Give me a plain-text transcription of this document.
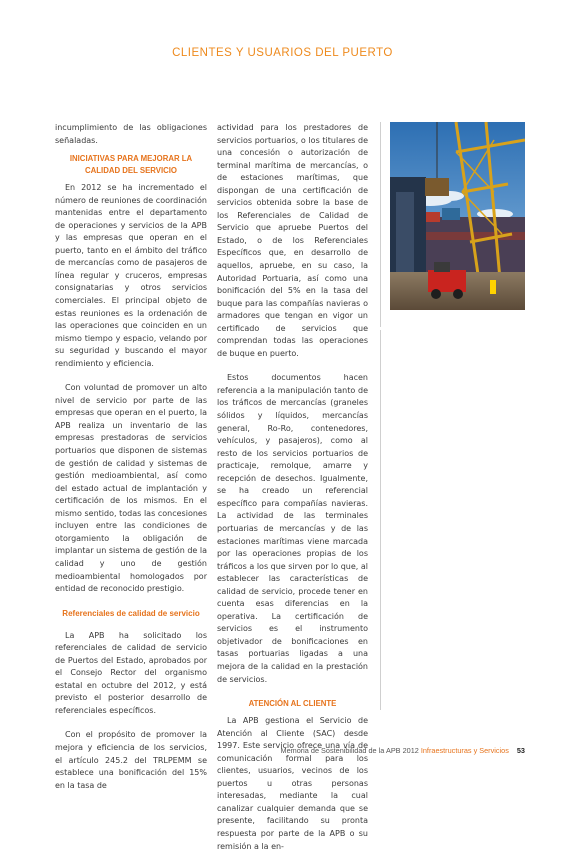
CLIENTES Y USUARIOS DEL PUERTO

incumplimiento de las obligaciones señaladas.

INICIATIVAS PARA MEJORAR LA CALIDAD DEL SERVICIO

En 2012 se ha incrementado el número de reuniones de coordinación mantenidas entre el departamento de operaciones y servicios de la APB y las empresas que operan en el puerto, tanto en el ámbito del tráfico de mercancías como de pasajeros de línea regular y cruceros, empresas consignatarias y otros servicios comerciales. El principal objeto de estas reuniones es la ordenación de las operaciones que coinciden en un mismo tiempo y espacio, velando por su seguridad y buscando el mayor rendimiento y eficiencia.

Con voluntad de promover un alto nivel de servicio por parte de las empresas que operan en el puerto, la APB realiza un inventario de las empresas prestadoras de servicios portuarios que disponen de sistemas de gestión de calidad y sistemas de gestión medioambiental, así como del estado actual de implantación y certificación de los mismos. En el mismo sentido, todas las concesiones incluyen entre las condiciones de otorgamiento la obligación de implantar un sistema de gestión de la calidad y uno de gestión medioambiental homologados por entidad de reconocido prestigio.

Referenciales de calidad de servicio

La APB ha solicitado los referenciales de calidad de servicio de Puertos del Estado, aprobados por el Consejo Rector del organismo estatal en octubre del 2012, y está previsto el posterior desarrollo de referenciales específicos.

Con el propósito de promover la mejora y eficiencia de los servicios, el artículo 245.2 del TRLPEMM se establece una bonificación del 15% en la tasa de

actividad para los prestadores de servicios portuarios, o los titulares de una concesión o autorización de terminal marítima de mercancías, o de estaciones marítimas, que dispongan de una certificación de servicios obtenida sobre la base de los Referenciales de Calidad de Servicio que apruebe Puertos del Estado, o de los Referenciales Específicos que, en desarrollo de aquellos, apruebe, en su caso, la Autoridad Portuaria, así como una bonificación del 5% en la tasa del buque para las compañías navieras o armadores que tengan en vigor un certificado de servicios que comprendan todas las operaciones de buque en puerto.

Estos documentos hacen referencia a la manipulación tanto de los tráficos de mercancías (graneles sólidos y líquidos, mercancías general, Ro-Ro, contenedores, vehículos, y pasajeros), como al resto de los servicios portuarios de practicaje, remolque, amarre y recepción de desechos. Igualmente, se ha creado un referencial específico para compañías navieras. La actividad de las terminales portuarias de mercancías y de las estaciones marítimas viene marcada por las operaciones propias de los tráficos a los que sirven por lo que, al establecer las características de calidad de servicio, procede tener en cuenta esas diferencias en la operativa. La certificación de servicios es el instrumento objetivador de bonificaciones en tasas portuarias ligadas a una mejora de la calidad en la prestación de servicios.

ATENCIÓN AL CLIENTE

La APB gestiona el Servicio de Atención al Cliente (SAC) desde 1997. Este servicio ofrece una vía de comunicación formal para los clientes, usuarios, vecinos de los puertos u otras personas interesadas, mediante la cual canalizar cualquier demanda que se presente, facilitando su pronta respuesta por parte de la APB o su remisión a la en-

Memoria de Sostenibilidad de la APB 2012 Infraestructuras y Servicios 53
